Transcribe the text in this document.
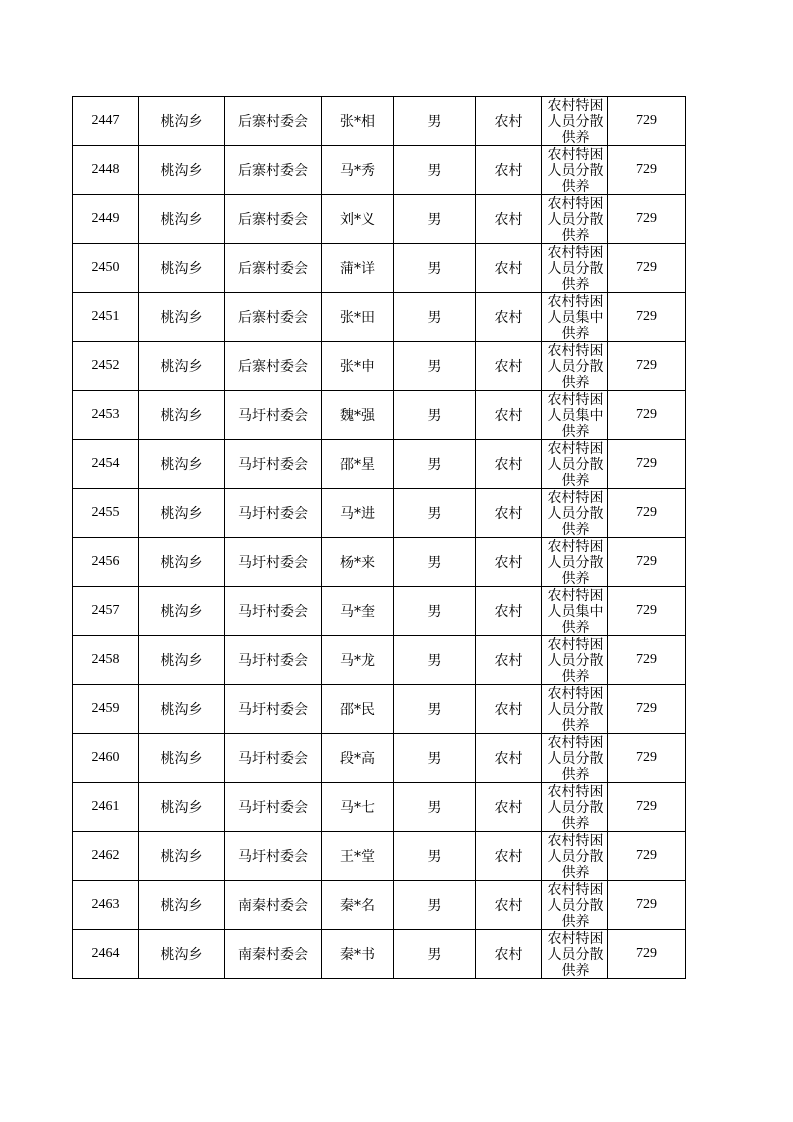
2447	桃沟乡	后寨村委会	张*相	男	农村	农村特困人员分散供养	729
2448	桃沟乡	后寨村委会	马*秀	男	农村	农村特困人员分散供养	729
2449	桃沟乡	后寨村委会	刘*义	男	农村	农村特困人员分散供养	729
2450	桃沟乡	后寨村委会	蒲*详	男	农村	农村特困人员分散供养	729
2451	桃沟乡	后寨村委会	张*田	男	农村	农村特困人员集中供养	729
2452	桃沟乡	后寨村委会	张*申	男	农村	农村特困人员分散供养	729
2453	桃沟乡	马圩村委会	魏*强	男	农村	农村特困人员集中供养	729
2454	桃沟乡	马圩村委会	邵*星	男	农村	农村特困人员分散供养	729
2455	桃沟乡	马圩村委会	马*进	男	农村	农村特困人员分散供养	729
2456	桃沟乡	马圩村委会	杨*来	男	农村	农村特困人员分散供养	729
2457	桃沟乡	马圩村委会	马*奎	男	农村	农村特困人员集中供养	729
2458	桃沟乡	马圩村委会	马*龙	男	农村	农村特困人员分散供养	729
2459	桃沟乡	马圩村委会	邵*民	男	农村	农村特困人员分散供养	729
2460	桃沟乡	马圩村委会	段*高	男	农村	农村特困人员分散供养	729
2461	桃沟乡	马圩村委会	马*七	男	农村	农村特困人员分散供养	729
2462	桃沟乡	马圩村委会	王*堂	男	农村	农村特困人员分散供养	729
2463	桃沟乡	南秦村委会	秦*名	男	农村	农村特困人员分散供养	729
2464	桃沟乡	南秦村委会	秦*书	男	农村	农村特困人员分散供养	729
